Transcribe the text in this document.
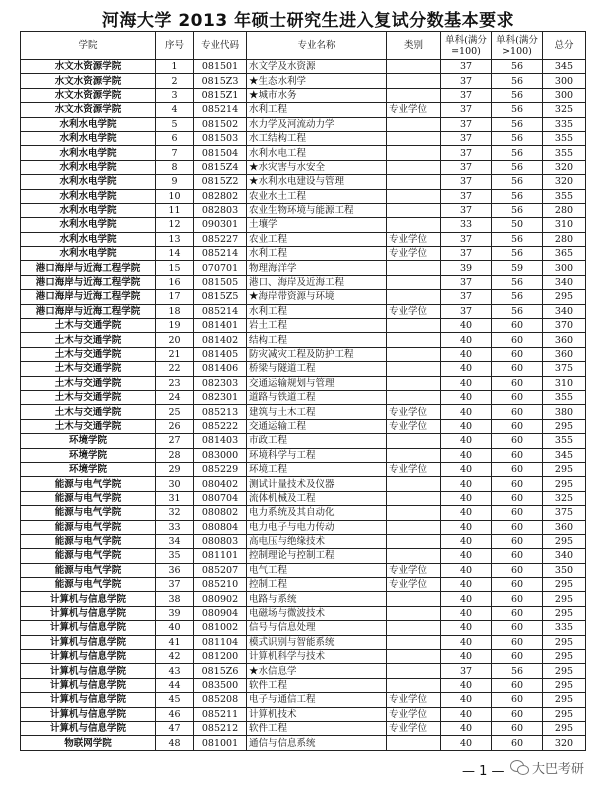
河海大学 2013 年硕士研究生进入复试分数基本要求
学院	序号	专业代码	专业名称	类别	单科(满分=100)	单科(满分>100)	总分
水文水资源学院	1	081501	水文学及水资源		37	56	345
水文水资源学院	2	0815Z3	★生态水利学		37	56	300
水文水资源学院	3	0815Z1	★城市水务		37	56	300
水文水资源学院	4	085214	水利工程	专业学位	37	56	325
水利水电学院	5	081502	水力学及河流动力学		37	56	335
水利水电学院	6	081503	水工结构工程		37	56	355
水利水电学院	7	081504	水利水电工程		37	56	355
水利水电学院	8	0815Z4	★水灾害与水安全		37	56	320
水利水电学院	9	0815Z2	★水利水电建设与管理		37	56	320
水利水电学院	10	082802	农业水土工程		37	56	355
水利水电学院	11	082803	农业生物环境与能源工程		37	56	280
水利水电学院	12	090301	土壤学		33	50	310
水利水电学院	13	085227	农业工程	专业学位	37	56	280
水利水电学院	14	085214	水利工程	专业学位	37	56	365
港口海岸与近海工程学院	15	070701	物理海洋学		39	59	300
港口海岸与近海工程学院	16	081505	港口、海岸及近海工程		37	56	340
港口海岸与近海工程学院	17	0815Z5	★海岸带资源与环境		37	56	295
港口海岸与近海工程学院	18	085214	水利工程	专业学位	37	56	340
土木与交通学院	19	081401	岩土工程		40	60	370
土木与交通学院	20	081402	结构工程		40	60	360
土木与交通学院	21	081405	防灾减灾工程及防护工程		40	60	360
土木与交通学院	22	081406	桥梁与隧道工程		40	60	375
土木与交通学院	23	082303	交通运输规划与管理		40	60	310
土木与交通学院	24	082301	道路与铁道工程		40	60	355
土木与交通学院	25	085213	建筑与土木工程	专业学位	40	60	380
土木与交通学院	26	085222	交通运输工程	专业学位	40	60	295
环境学院	27	081403	市政工程		40	60	355
环境学院	28	083000	环境科学与工程		40	60	345
环境学院	29	085229	环境工程	专业学位	40	60	295
能源与电气学院	30	080402	测试计量技术及仪器		40	60	295
能源与电气学院	31	080704	流体机械及工程		40	60	325
能源与电气学院	32	080802	电力系统及其自动化		40	60	375
能源与电气学院	33	080804	电力电子与电力传动		40	60	360
能源与电气学院	34	080803	高电压与绝缘技术		40	60	295
能源与电气学院	35	081101	控制理论与控制工程		40	60	340
能源与电气学院	36	085207	电气工程	专业学位	40	60	350
能源与电气学院	37	085210	控制工程	专业学位	40	60	295
计算机与信息学院	38	080902	电路与系统		40	60	295
计算机与信息学院	39	080904	电磁场与微波技术		40	60	295
计算机与信息学院	40	081002	信号与信息处理		40	60	335
计算机与信息学院	41	081104	模式识别与智能系统		40	60	295
计算机与信息学院	42	081200	计算机科学与技术		40	60	295
计算机与信息学院	43	0815Z6	★水信息学		37	56	295
计算机与信息学院	44	083500	软件工程		40	60	295
计算机与信息学院	45	085208	电子与通信工程	专业学位	40	60	295
计算机与信息学院	46	085211	计算机技术	专业学位	40	60	295
计算机与信息学院	47	085212	软件工程	专业学位	40	60	295
物联网学院	48	081001	通信与信息系统		40	60	320
— 1 — 大巴考研
